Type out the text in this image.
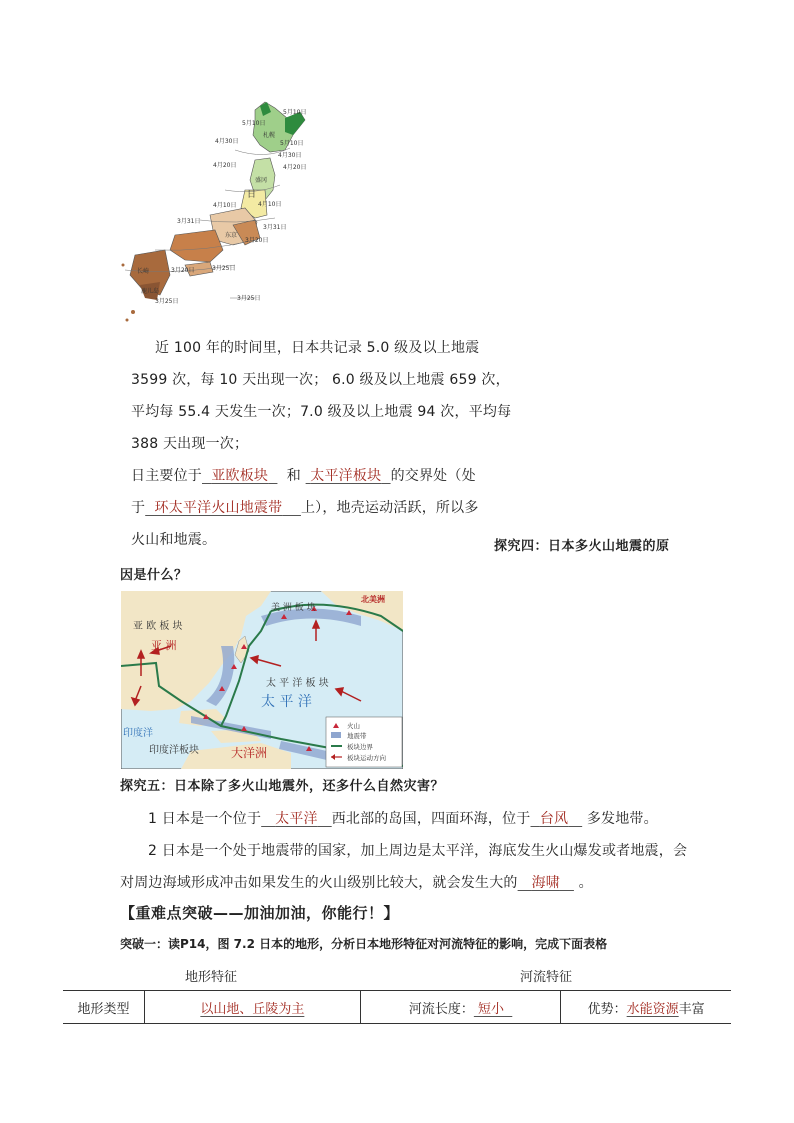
5月10日
5月10日
4月30日
4月30日
5月10日
4月20日	4月20日
4月10日	4月10日
3月31日
3月31日
3月20日
3月25日
3月20日
3月25日	3月25日
札幌
盛冈
东京
长崎
鹿儿岛
日
近 100 年的时间里，日本共记录 5.0 级及以上地震
3599 次，每 10 天出现一次； 6.0 级及以上地震 659 次，
平均每 55.4 天发生一次；7.0 级及以上地震 94 次，平均每
388 天出现一次；
日主要位于 亚欧板块 和 太平洋板块 的交界处（处
于 环太平洋火山地震带 上），地壳运动活跃，所以多
火山和地震。	探究四：日本多火山地震的原
因是什么？
亚 欧 板 块
亚 洲
美 洲 板 块
北美洲
太 平 洋 板 块
太 平 洋
印度洋
印度洋板块	大洋洲
火山
地震带
板块边界
板块运动方向
探究五：日本除了多火山地震外，还多什么自然灾害？
1 日本是一个位于 太平洋 西北部的岛国，四面环海，位于 台风 多发地带。
2 日本是一个处于地震带的国家，加上周边是太平洋，海底发生火山爆发或者地震，会
对周边海域形成冲击如果发生的火山级别比较大，就会发生大的 海啸 。
【重难点突破——加油加油，你能行！】
突破一：读P14，图 7.2 日本的地形，分析日本地形特征对河流特征的影响，完成下面表格
地形特征	河流特征
地形类型	以山地、丘陵为主	河流长度： 短小	优势：水能资源丰富
